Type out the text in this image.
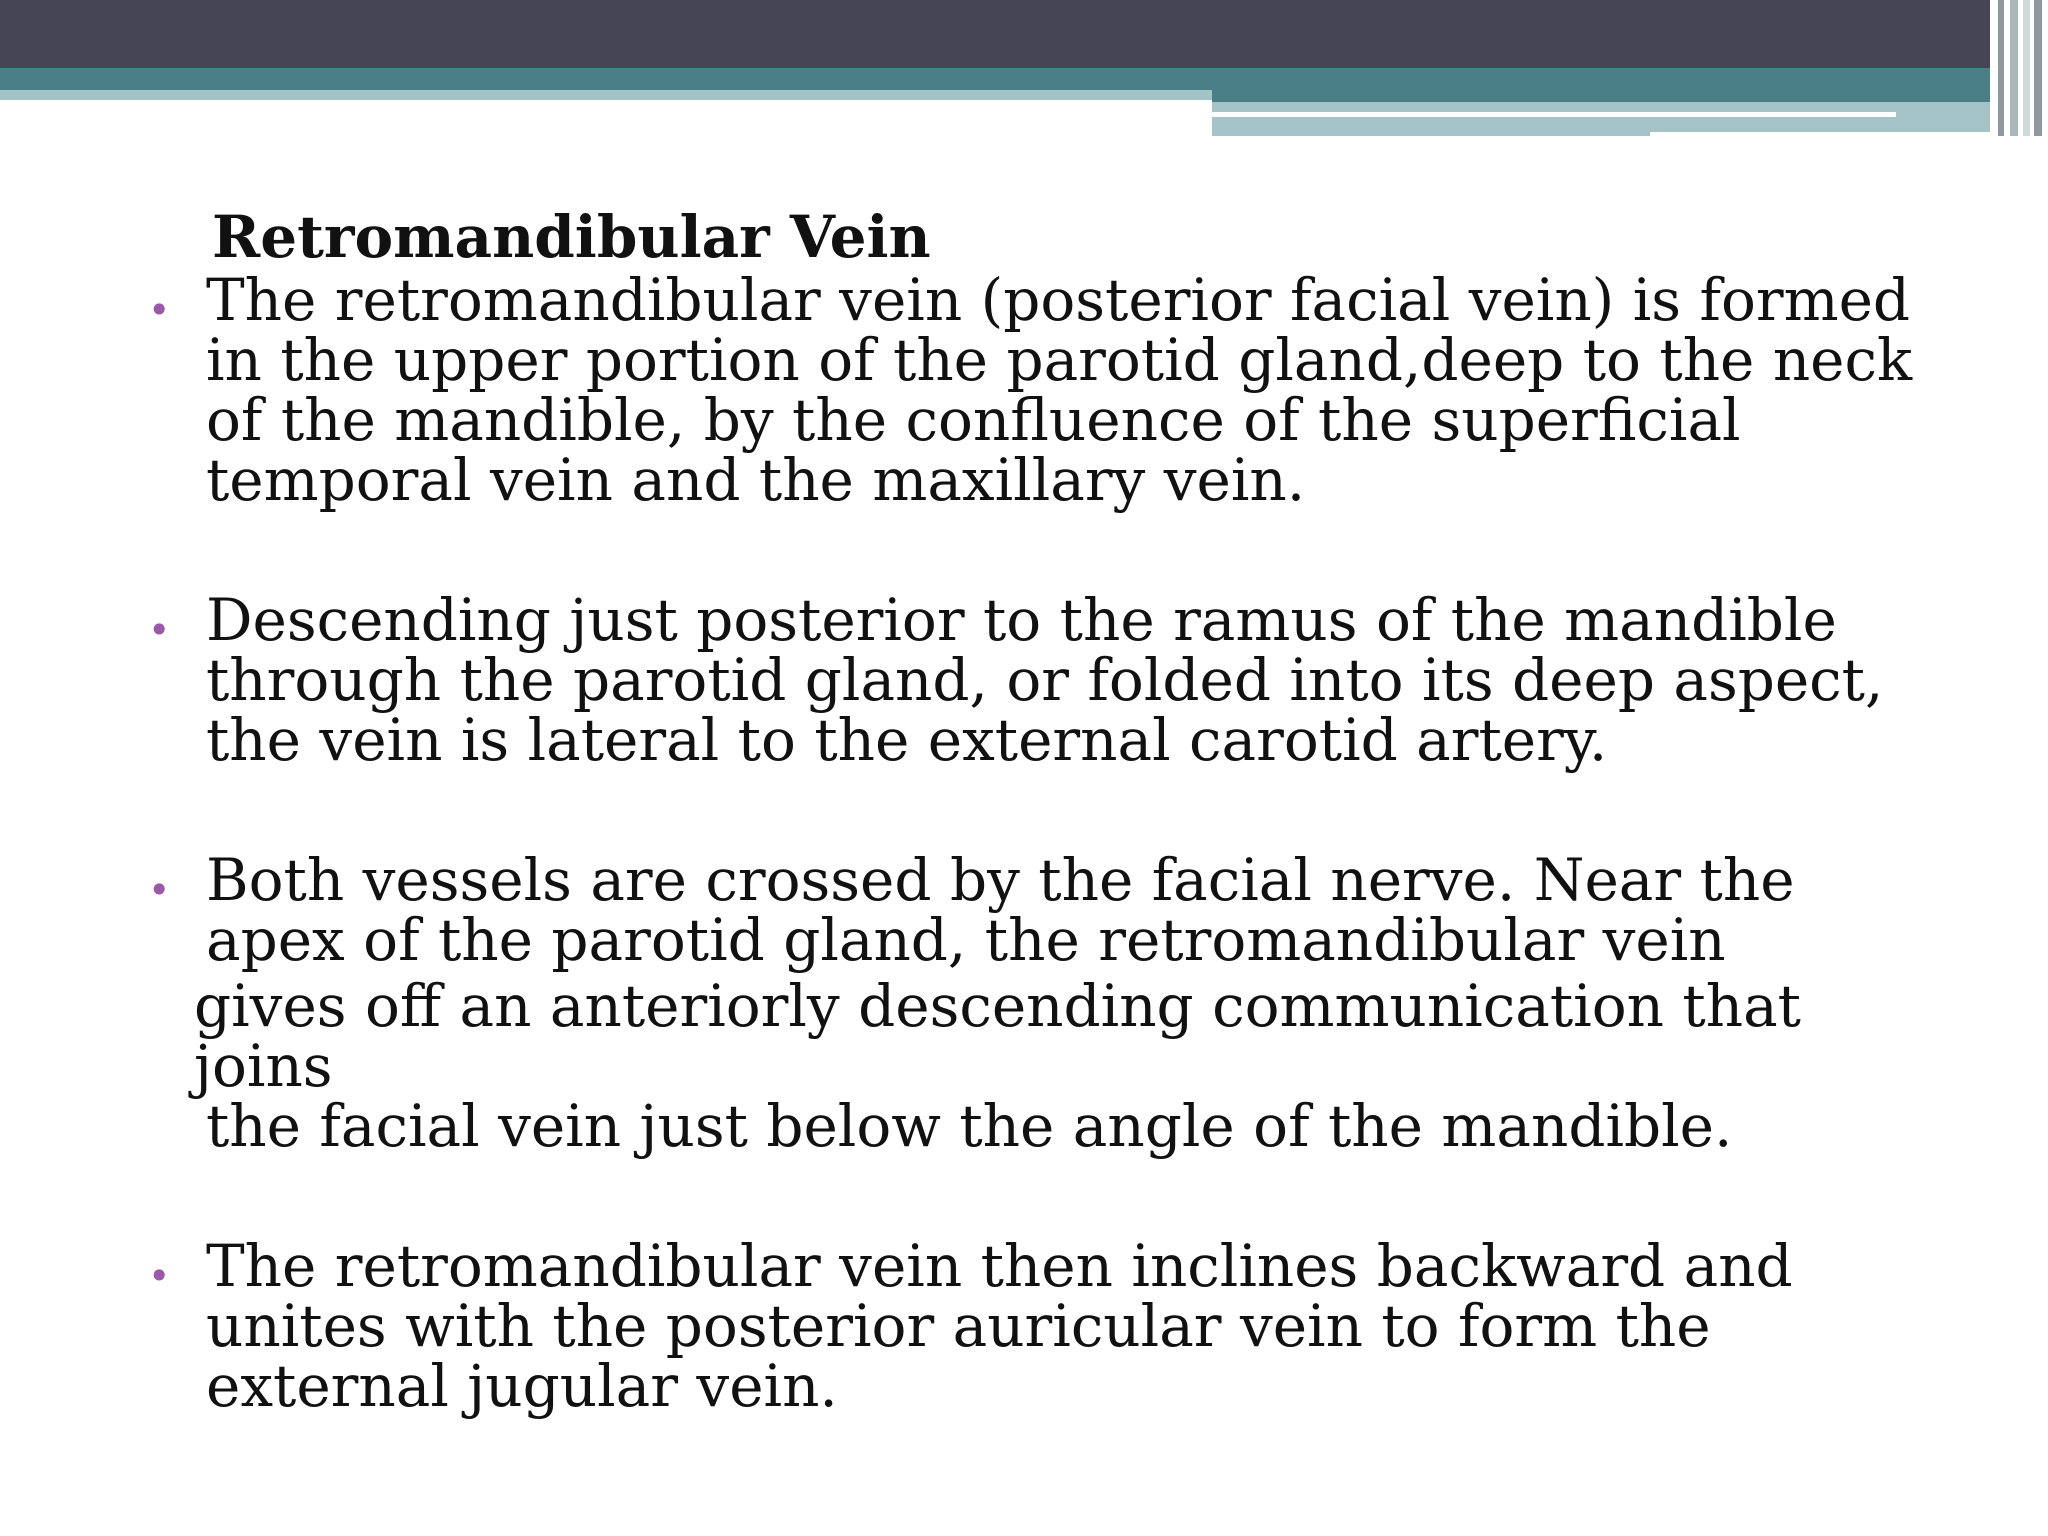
Retromandibular Vein
• The retromandibular vein (posterior facial vein) is formed in the upper portion of the parotid gland,deep to the neck of the mandible, by the confluence of the superficial temporal vein and the maxillary vein.
• Descending just posterior to the ramus of the mandible through the parotid gland, or folded into its deep aspect, the vein is lateral to the external carotid artery.
• Both vessels are crossed by the facial nerve. Near the apex of the parotid gland, the retromandibular vein
gives off an anteriorly descending communication that joins
the facial vein just below the angle of the mandible.
• The retromandibular vein then inclines backward and unites with the posterior auricular vein to form the external jugular vein.
